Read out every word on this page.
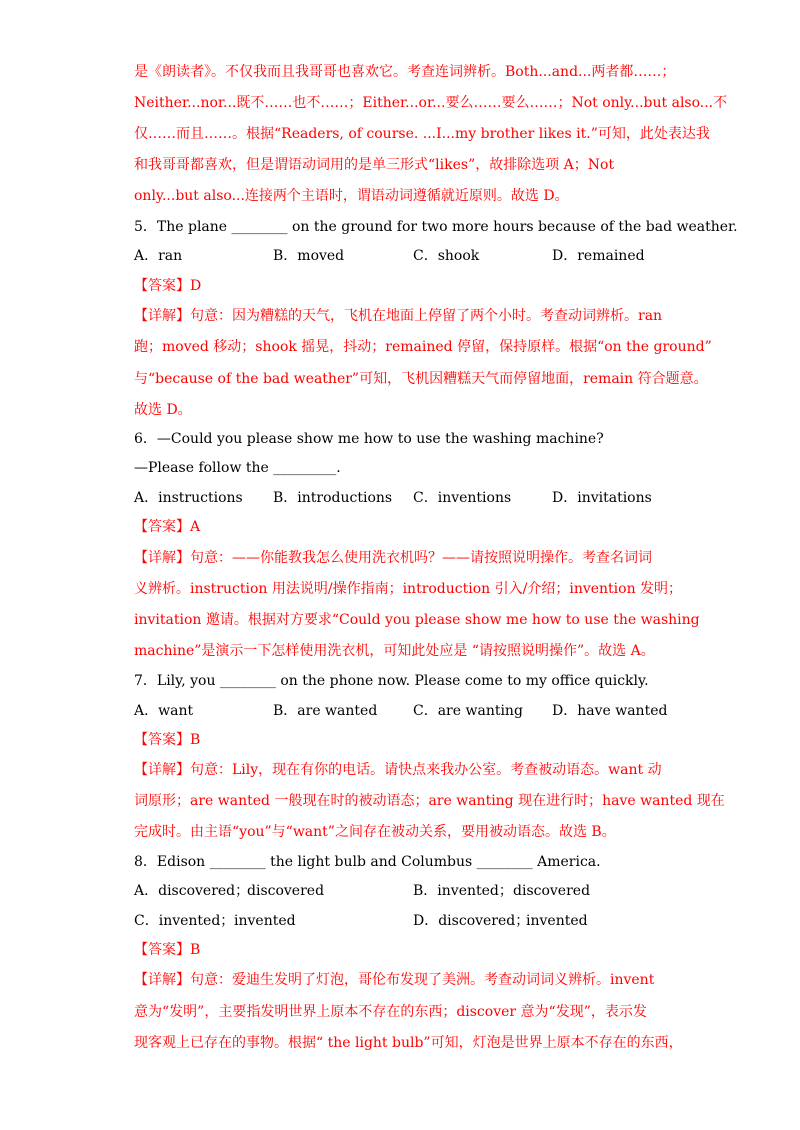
是《朗读者》。不仅我而且我哥哥也喜欢它。考查连词辨析。Both...and...两者都……；
Neither...nor...既不……也不……；Either...or...要么……要么……；Not only...but also...不
仅……而且……。根据“Readers, of course. ...I...my brother likes it.”可知，此处表达我
和我哥哥都喜欢，但是谓语动词用的是单三形式“likes”，故排除选项 A；Not
only...but also...连接两个主语时，谓语动词遵循就近原则。故选 D。
5．The plane ________ on the ground for two more hours because of the bad weather.
A．ran	B．moved	C．shook	D．remained
【答案】D
【详解】句意：因为糟糕的天气，飞机在地面上停留了两个小时。考查动词辨析。ran
跑；moved 移动；shook 摇晃，抖动；remained 停留，保持原样。根据“on the ground”
与“because of the bad weather”可知，飞机因糟糕天气而停留地面，remain 符合题意。
故选 D。
6．—Could you please show me how to use the washing machine?
—Please follow the _________.
A．instructions B．introductions C．inventions	D．invitations
【答案】A
【详解】句意：——你能教我怎么使用洗衣机吗？——请按照说明操作。考查名词词
义辨析。instruction 用法说明/操作指南；introduction 引入/介绍；invention 发明；
invitation 邀请。根据对方要求“Could you please show me how to use the washing
machine”是演示一下怎样使用洗衣机，可知此处应是 “请按照说明操作”。故选 A。
7．Lily, you ________ on the phone now. Please come to my office quickly.
A．want	B．are wanted	C．are wanting D．have wanted
【答案】B
【详解】句意：Lily，现在有你的电话。请快点来我办公室。考查被动语态。want 动
词原形；are wanted 一般现在时的被动语态；are wanting 现在进行时；have wanted 现在
完成时。由主语“you”与“want”之间存在被动关系，要用被动语态。故选 B。
8．Edison ________ the light bulb and Columbus ________ America.
A．discovered；
discovered	B．invented； discovered
C．invented； invented	D．discovered；
invented
【答案】B
【详解】句意：爱迪生发明了灯泡，哥伦布发现了美洲。考查动词词义辨析。invent
意为“发明”，主要指发明世界上原本不存在的东西；discover 意为“发现”，表示发
现客观上已存在的事物。根据“ the light bulb”可知，灯泡是世界上原本不存在的东西，
